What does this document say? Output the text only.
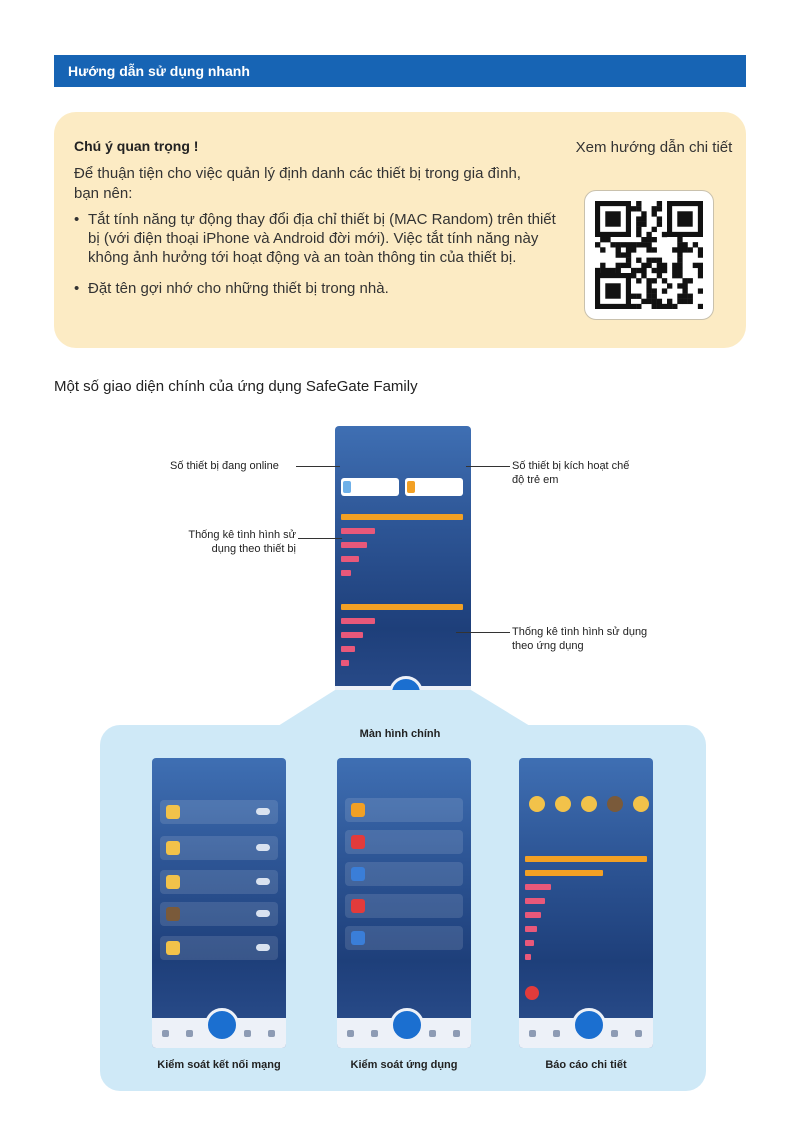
Hướng dẫn sử dụng nhanh
Chú ý quan trọng !
Để thuận tiện cho việc quản lý định danh các thiết bị trong gia đình, bạn nên:
• Tắt tính năng tự động thay đổi địa chỉ thiết bị (MAC Random) trên thiết bị (với điện thoại iPhone và Android đời mới). Việc tắt tính năng này không ảnh hưởng tới hoạt động và an toàn thông tin của thiết bị.
• Đặt tên gợi nhớ cho những thiết bị trong nhà.
Xem hướng dẫn chi tiết
Một số giao diện chính của ứng dụng SafeGate Family
Số thiết bị đang online	Số thiết bị kích hoạt chế độ trẻ em
Thống kê tình hình sử dụng theo thiết bị
Thống kê tình hình sử dụng theo ứng dụng
Màn hình chính
Kiểm soát kết nối mạng	Kiểm soát ứng dụng	Báo cáo chi tiết
